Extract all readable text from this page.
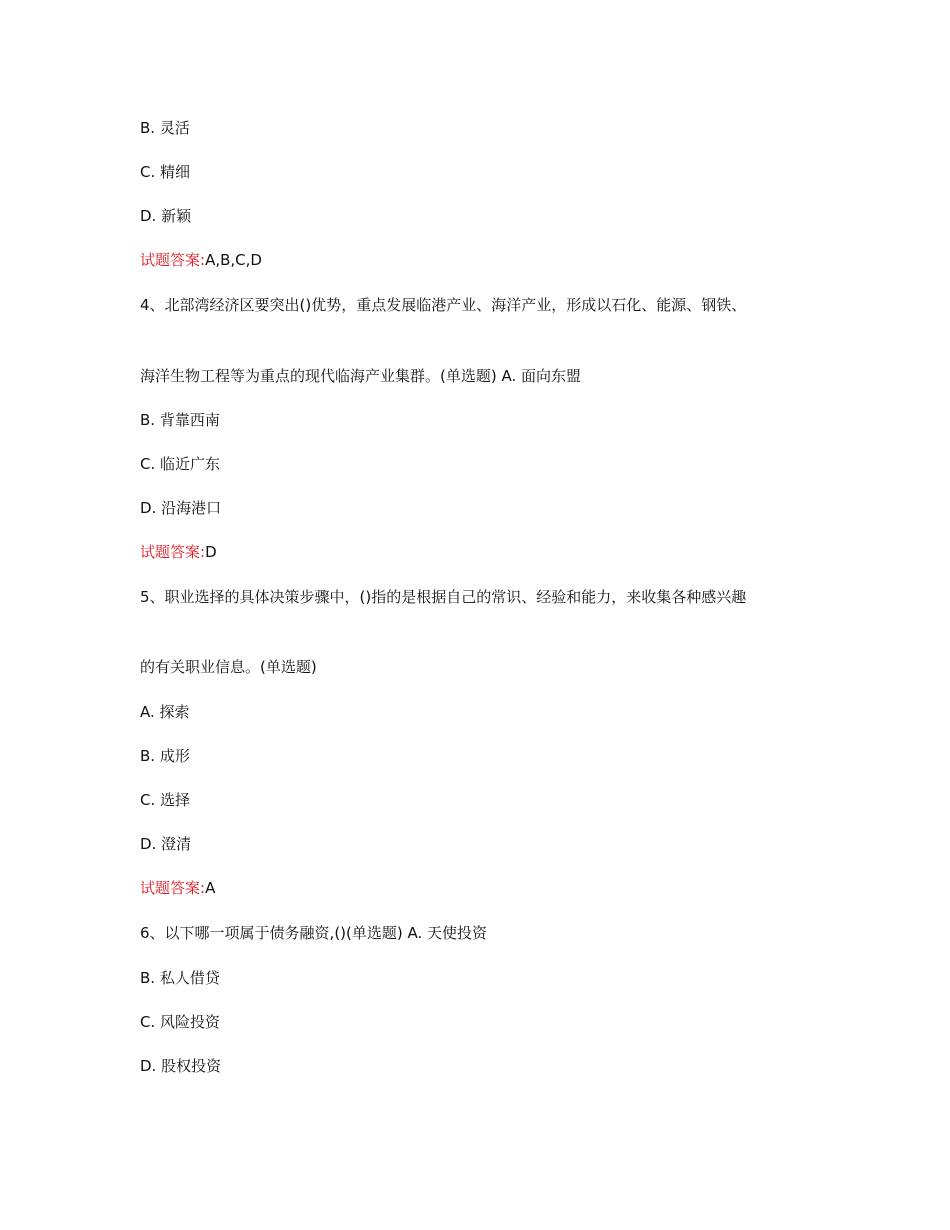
B. 灵活
C. 精细
D. 新颖
试题答案:A,B,C,D
4、北部湾经济区要突出()优势，重点发展临港产业、海洋产业，形成以石化、能源、钢铁、
海洋生物工程等为重点的现代临海产业集群。(单选题) A. 面向东盟
B. 背靠西南
C. 临近广东
D. 沿海港口
试题答案:D
5、职业选择的具体决策步骤中，()指的是根据自己的常识、经验和能力，来收集各种感兴趣
的有关职业信息。(单选题)
A. 探索
B. 成形
C. 选择
D. 澄清
试题答案:A
6、以下哪一项属于债务融资,()(单选题) A. 天使投资
B. 私人借贷
C. 风险投资
D. 股权投资
